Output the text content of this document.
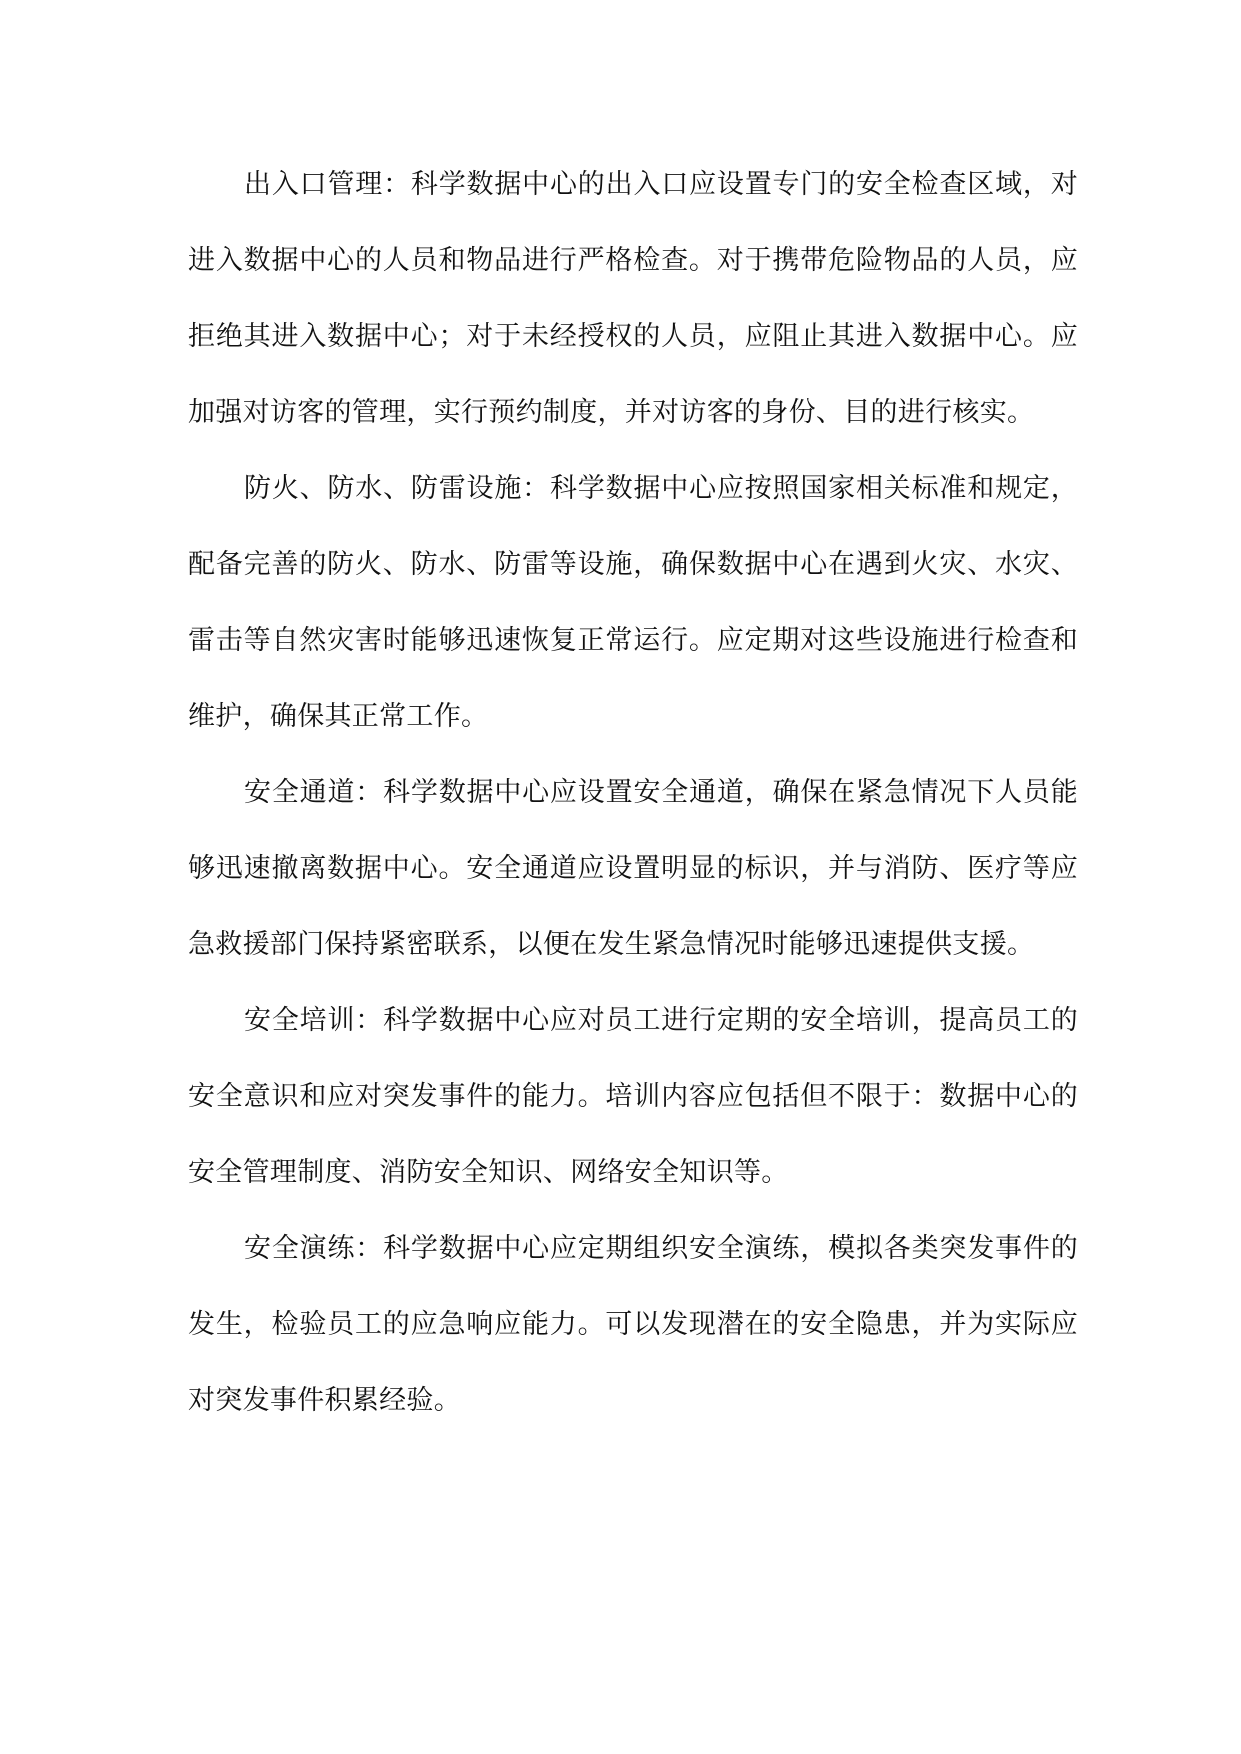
出入口管理：科学数据中心的出入口应设置专门的安全检查区域，对进入数据中心的人员和物品进行严格检查。对于携带危险物品的人员，应拒绝其进入数据中心；对于未经授权的人员，应阻止其进入数据中心。应加强对访客的管理，实行预约制度，并对访客的身份、目的进行核实。

防火、防水、防雷设施：科学数据中心应按照国家相关标准和规定，配备完善的防火、防水、防雷等设施，确保数据中心在遇到火灾、水灾、雷击等自然灾害时能够迅速恢复正常运行。应定期对这些设施进行检查和维护，确保其正常工作。

安全通道：科学数据中心应设置安全通道，确保在紧急情况下人员能够迅速撤离数据中心。安全通道应设置明显的标识，并与消防、医疗等应急救援部门保持紧密联系，以便在发生紧急情况时能够迅速提供支援。

安全培训：科学数据中心应对员工进行定期的安全培训，提高员工的安全意识和应对突发事件的能力。培训内容应包括但不限于：数据中心的安全管理制度、消防安全知识、网络安全知识等。

安全演练：科学数据中心应定期组织安全演练，模拟各类突发事件的发生，检验员工的应急响应能力。可以发现潜在的安全隐患，并为实际应对突发事件积累经验。
